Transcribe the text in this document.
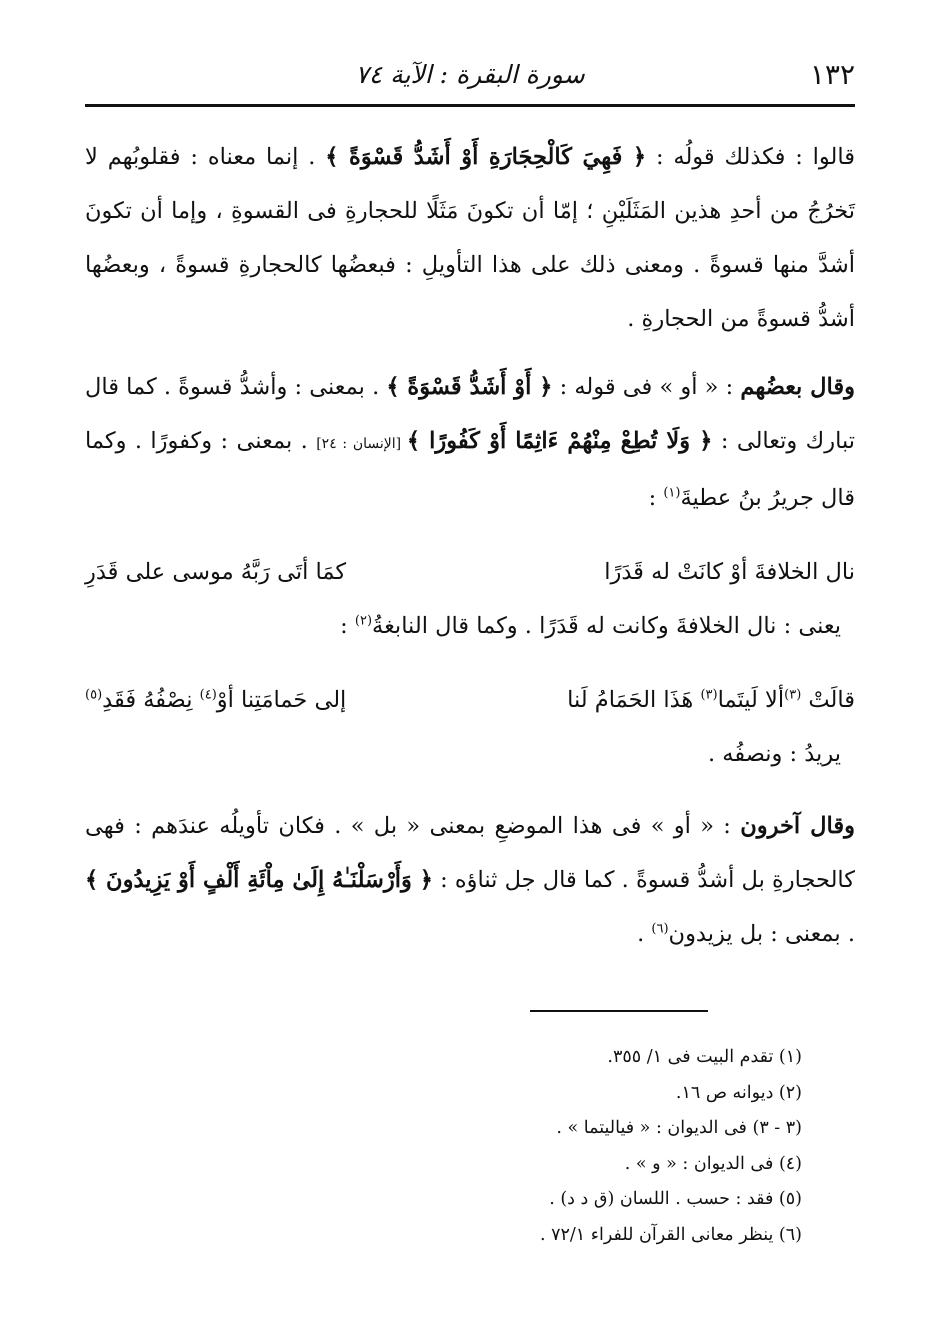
١٣٢
سورة البقرة : الآية ٧٤

قالوا : فكذلك قولُه : ﴿ فَهِيَ كَالْحِجَارَةِ أَوْ أَشَدُّ قَسْوَةً ﴾ . إنما معناه : فقلوبُهم لا تَخرُجُ من أحدِ هذين المَثَلَيْنِ ؛ إمّا أن تكونَ مَثَلًا للحجارةِ فى القسوةِ ، وإما أن تكونَ أشدَّ منها قسوةً . ومعنى ذلك على هذا التأويلِ : فبعضُها كالحجارةِ قسوةً ، وبعضُها أشدُّ قسوةً من الحجارةِ .

وقال بعضُهم : « أو » فى قوله : ﴿ أَوْ أَشَدُّ قَسْوَةً ﴾ . بمعنى : وأشدُّ قسوةً . كما قال تبارك وتعالى : ﴿ وَلَا تُطِعْ مِنْهُمْ ءَاثِمًا أَوْ كَفُورًا ﴾ [الإنسان : ٢٤] . بمعنى : وكفورًا . وكما قال جريرُ بنُ عطيةَ$^{(١)}$ :

نال الخلافةَ أوْ كانَتْ له قَدَرًا
كمَا أتَى رَبَّهُ موسى على قَدَرِ

يعنى : نال الخلافةَ وكانت له قَدَرًا . وكما قال النابغةُ$^{(٢)}$ :

قالَتْ $^{(٣)}$ألا لَيتَما$^{(٣)}$ هَذَا الحَمَامُ لَنا
إلى حَمامَتِنا أوْ$^{(٤)}$ نِصْفُهُ فَقَدِ$^{(٥)}$

يريدُ : ونصفُه .

وقال آخرون : « أو » فى هذا الموضعِ بمعنى « بل » . فكان تأويلُه عندَهم : فهى كالحجارةِ بل أشدُّ قسوةً . كما قال جل ثناؤه : ﴿ وَأَرْسَلْنَـٰهُ إِلَىٰ مِاْئَةِ أَلْفٍ أَوْ يَزِيدُونَ ﴾ . بمعنى : بل يزيدون$^{(٦)}$ .

(١) تقدم البيت فى ١/ ٣٥٥.
(٢) ديوانه ص ١٦.
(٣ - ٣) فى الديوان : « فياليتما » .
(٤) فى الديوان : « و » .
(٥) فقد : حسب . اللسان (ق د د) .
(٦) ينظر معانى القرآن للفراء ٧٢/١ .
